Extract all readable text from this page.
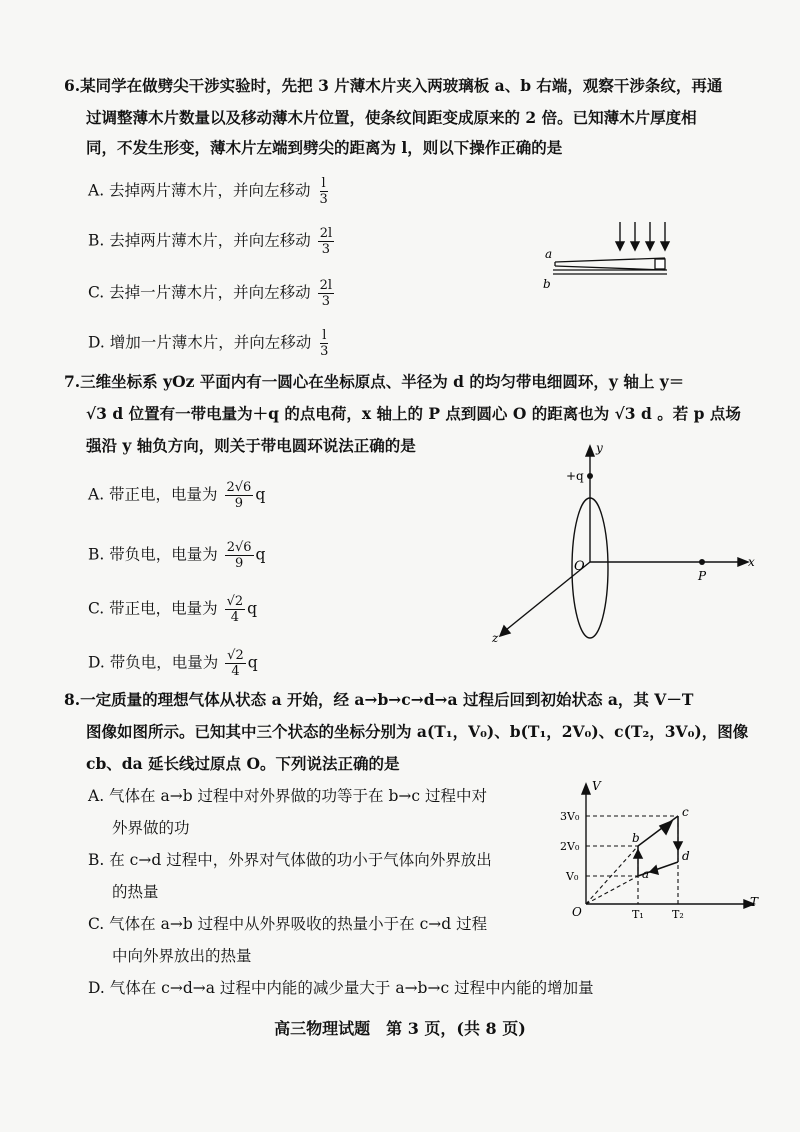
6.某同学在做劈尖干涉实验时，先把 3 片薄木片夹入两玻璃板 a、b 右端，观察干涉条纹，再通
过调整薄木片数量以及移动薄木片位置，使条纹间距变成原来的 2 倍。已知薄木片厚度相
同，不发生形变，薄木片左端到劈尖的距离为 l，则以下操作正确的是
A. 去掉两片薄木片，并向左移动 $\frac{l}{3}$
B. 去掉两片薄木片，并向左移动 $\frac{2l}{3}$
C. 去掉一片薄木片，并向左移动 $\frac{2l}{3}$
D. 增加一片薄木片，并向左移动 $\frac{l}{3}$
a
b
7.三维坐标系 yOz 平面内有一圆心在坐标原点、半径为 d 的均匀带电细圆环，y 轴上 y＝
√3 d 位置有一带电量为＋q 的点电荷，x 轴上的 P 点到圆心 O 的距离也为 √3 d 。若 p 点场
强沿 y 轴负方向，则关于带电圆环说法正确的是
A. 带正电，电量为 $\frac{2√6}{9}$ q
B. 带负电，电量为 $\frac{2√6}{9}$ q
C. 带正电，电量为 $\frac{√2}{4}$ q
D. 带负电，电量为 $\frac{√2}{4}$ q
y
+q
O
P
x
z
8.一定质量的理想气体从状态 a 开始，经 a→b→c→d→a 过程后回到初始状态 a，其 V－T
图像如图所示。已知其中三个状态的坐标分别为 a(T₁，V₀)、b(T₁，2V₀)、c(T₂，3V₀)，图像
cb、da 延长线过原点 O。下列说法正确的是
A. 气体在 a→b 过程中对外界做的功等于在 b→c 过程中对
外界做的功
B. 在 c→d 过程中，外界对气体做的功小于气体向外界放出
的热量
C. 气体在 a→b 过程中从外界吸收的热量小于在 c→d 过程
中向外界放出的热量
D. 气体在 c→d→a 过程中内能的减少量大于 a→b→c 过程中内能的增加量
V
T
O
3V₀
2V₀
V₀
T₁	T₂
a
b
c
d
高三物理试题　第 3 页，(共 8 页)
